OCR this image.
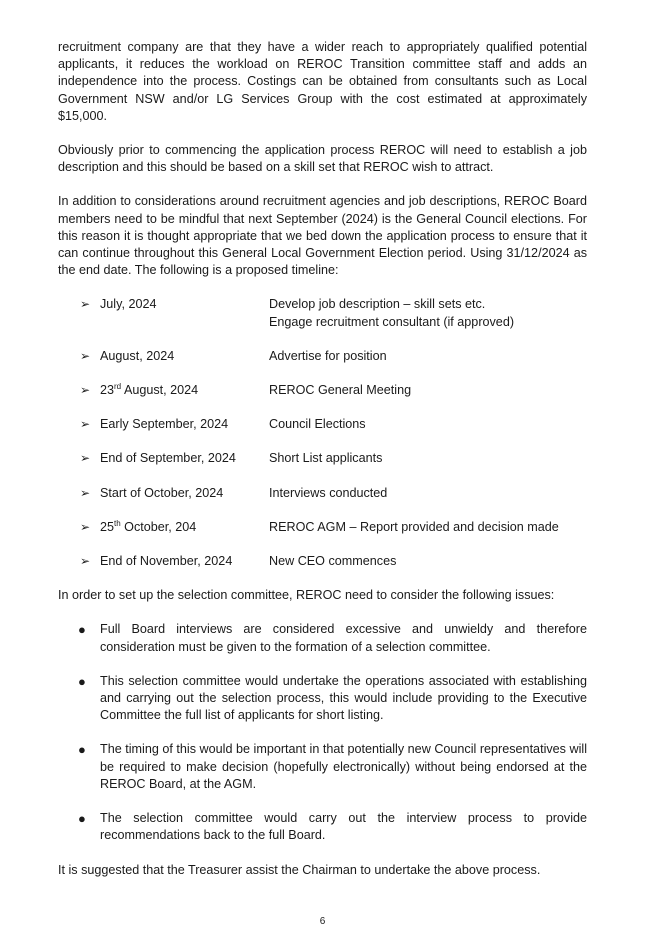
recruitment company are that they have a wider reach to appropriately qualified potential applicants, it reduces the workload on REROC Transition committee staff and adds an independence into the process. Costings can be obtained from consultants such as Local Government NSW and/or LG Services Group with the cost estimated at approximately $15,000.

Obviously prior to commencing the application process REROC will need to establish a job description and this should be based on a skill set that REROC wish to attract.

In addition to considerations around recruitment agencies and job descriptions, REROC Board members need to be mindful that next September (2024) is the General Council elections. For this reason it is thought appropriate that we bed down the application process to ensure that it can continue throughout this General Local Government Election period. Using 31/12/2024 as the end date. The following is a proposed timeline:

➢ July, 2024	Develop job description – skill sets etc.
Engage recruitment consultant (if approved)
➢ August, 2024	Advertise for position
➢ 23rd August, 2024	REROC General Meeting
➢ Early September, 2024	Council Elections
➢ End of September, 2024	Short List applicants
➢ Start of October, 2024	Interviews conducted
➢ 25th October, 204	REROC AGM – Report provided and decision made
➢ End of November, 2024	New CEO commences

In order to set up the selection committee, REROC need to consider the following issues:

●	Full Board interviews are considered excessive and unwieldy and therefore consideration must be given to the formation of a selection committee.
●	This selection committee would undertake the operations associated with establishing and carrying out the selection process, this would include providing to the Executive Committee the full list of applicants for short listing.
●	The timing of this would be important in that potentially new Council representatives will be required to make decision (hopefully electronically) without being endorsed at the REROC Board, at the AGM.
●	The selection committee would carry out the interview process to provide recommendations back to the full Board.

It is suggested that the Treasurer assist the Chairman to undertake the above process.

6
